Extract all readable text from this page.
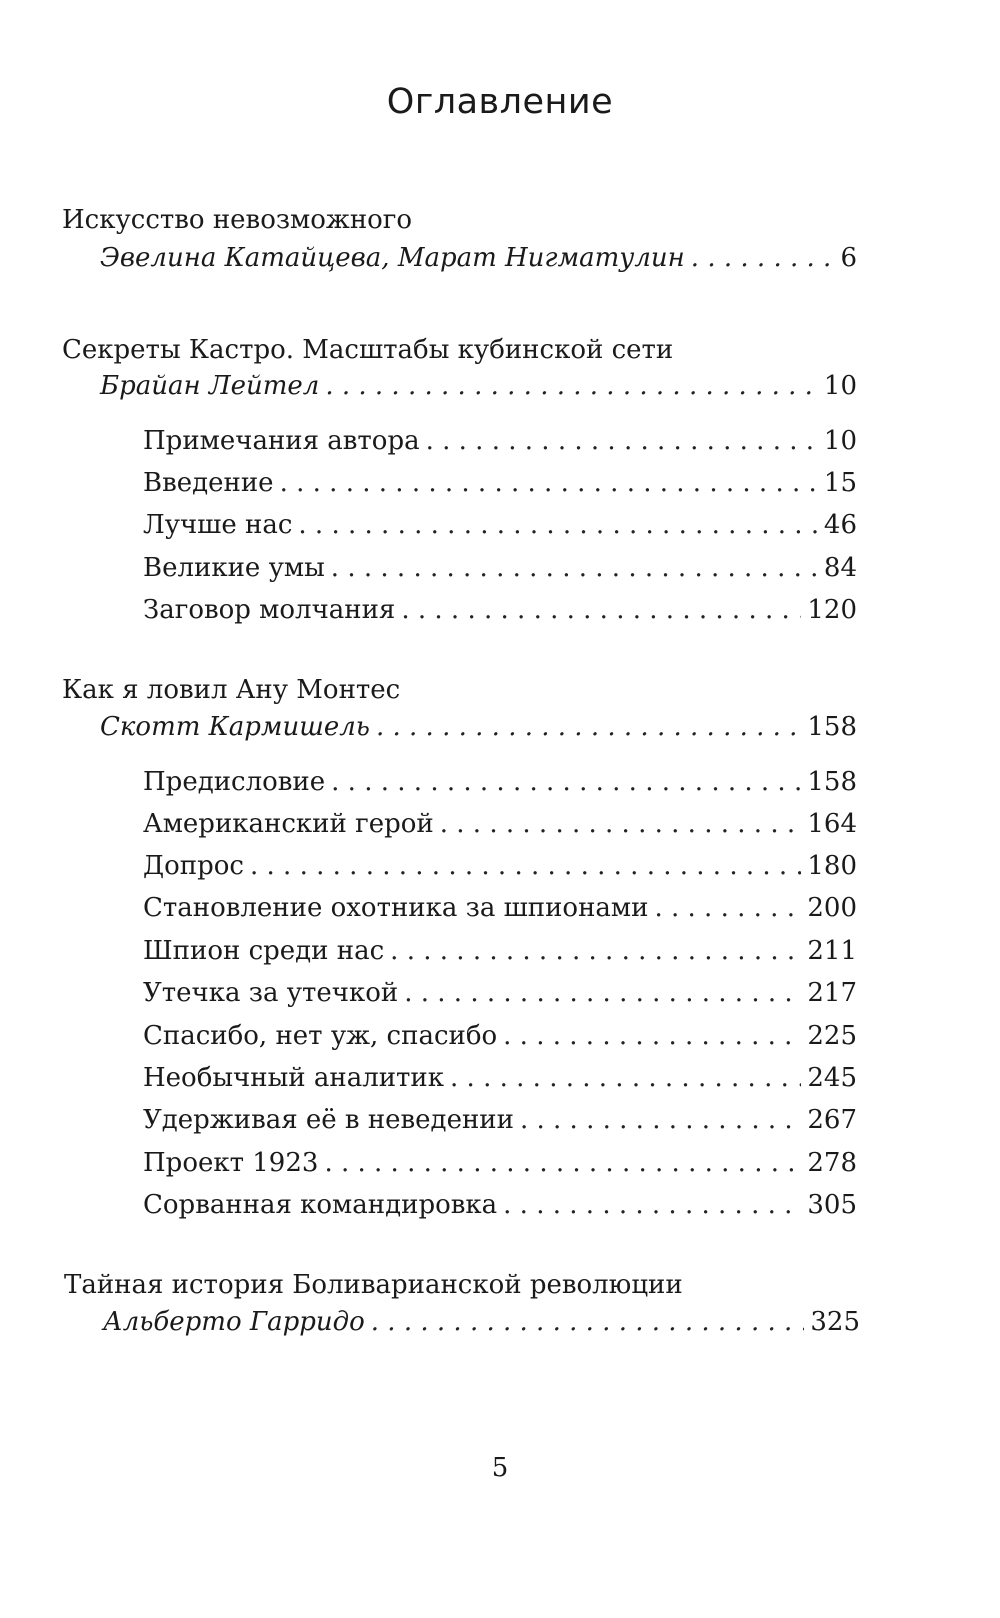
Оглавление
Искусство невозможного
Эвелина Катайцева, Марат Нигматулин . . .	6
Секреты Кастро. Масштабы кубинской сети
Брайан Лейтел . . .	10
Примечания автора . . .	10
Введение . . .	15
Лучше нас . . .	46
Великие умы . . .	84
Заговор молчания . . .	120
Как я ловил Ану Монтес
Скотт Кармишель . . .	158
Предисловие . . .	158
Американский герой . . .	164
Допрос . . .	180
Становление охотника за шпионами . . .	200
Шпион среди нас . . .	211
Утечка за утечкой . . .	217
Спасибо, нет уж, спасибо . . .	225
Необычный аналитик . . .	245
Удерживая её в неведении . . .	267
Проект 1923 . . .	278
Сорванная командировка . . .	305
Тайная история Боливарианской революции
Альберто Гарридо . . .	325
5
